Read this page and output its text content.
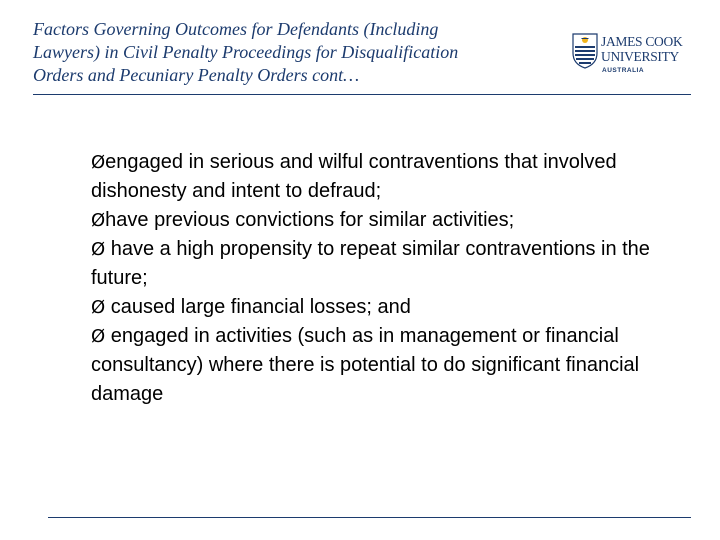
Factors Governing Outcomes for Defendants (Including
Lawyers) in Civil Penalty Proceedings for Disqualification
Orders and Pecuniary Penalty Orders cont…
JAMES COOK
UNIVERSITY
AUSTRALIA
Øengaged in serious and wilful contraventions that involved dishonesty and intent to defraud;
Øhave previous convictions for similar activities;
Ø have a high propensity to repeat similar contraventions in the future;
Ø caused large financial losses; and
Ø engaged in activities (such as in management or financial consultancy) where there is potential to do significant financial damage
